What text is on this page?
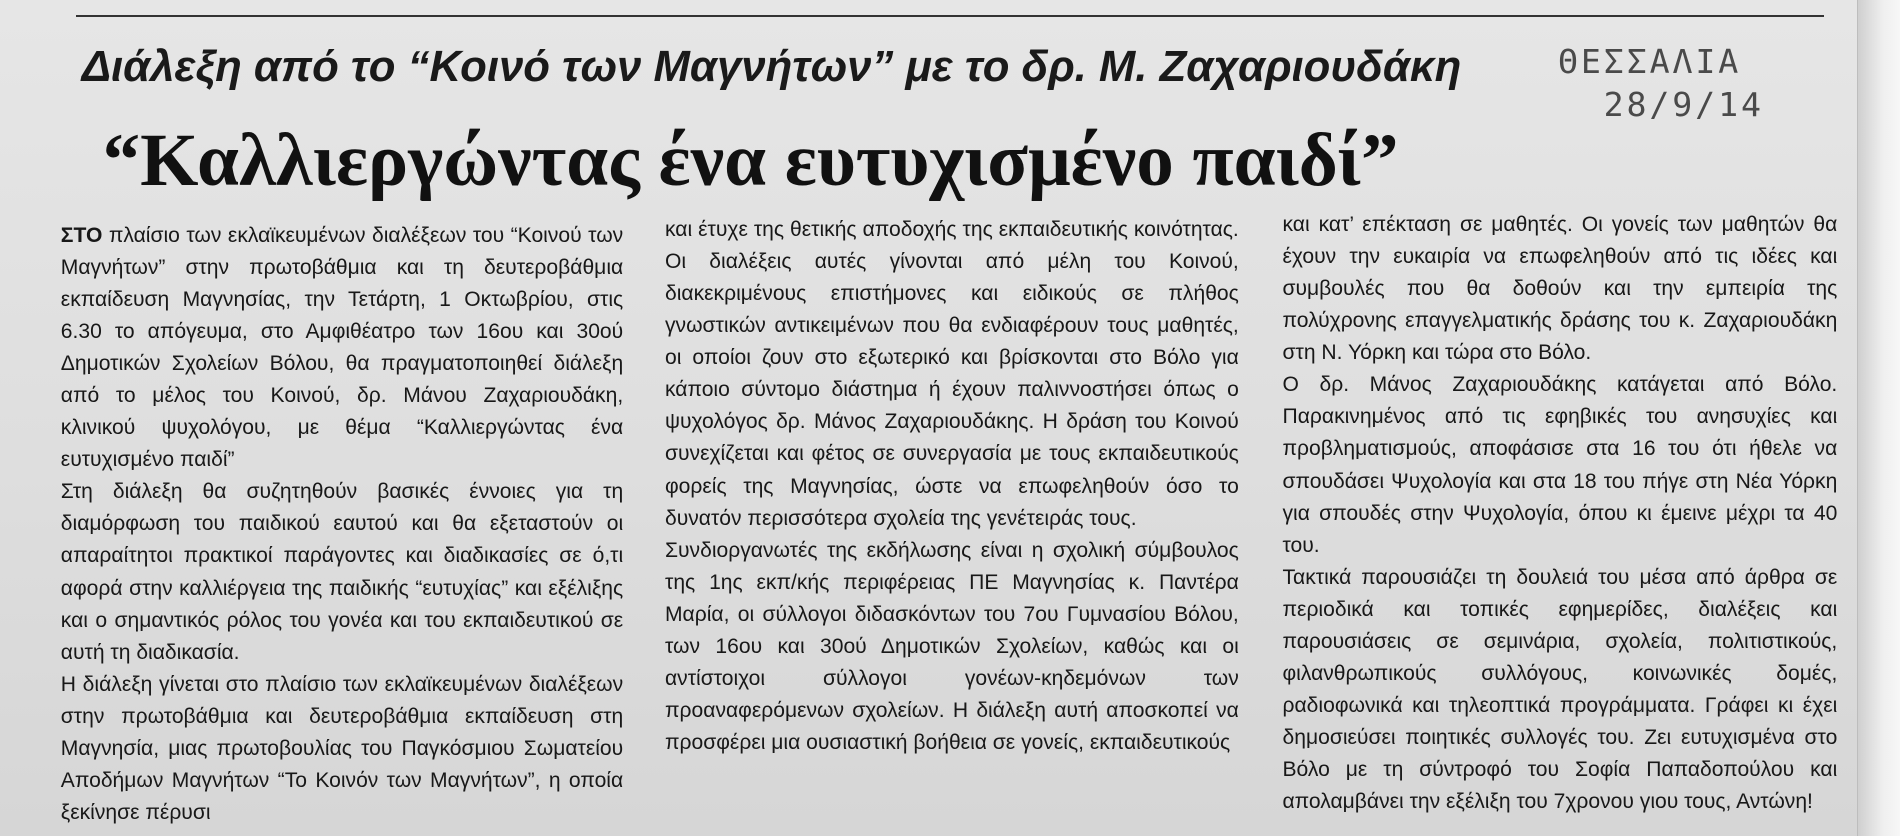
Διάλεξη από το “Κοινό των Μαγνήτων” με το δρ. Μ. Ζαχαριουδάκη
“Καλλιεργώντας ένα ευτυχισμένο παιδί”
ΘΕΣΣΑΛΙΑ
28/9/14

ΣΤΟ πλαίσιο των εκλαϊκευμένων διαλέξεων του “Κοινού των Μαγνήτων” στην πρωτοβάθμια και τη δευτεροβάθμια εκπαίδευση Μαγνησίας, την Τετάρτη, 1 Οκτωβρίου, στις 6.30 το απόγευμα, στο Αμφιθέατρο των 16ου και 30ού Δημοτικών Σχολείων Βόλου, θα πραγματοποιηθεί διάλεξη από το μέλος του Κοινού, δρ. Μάνου Ζαχαριουδάκη, κλινικού ψυχολόγου, με θέμα “Καλλιεργώντας ένα ευτυχισμένο παιδί”

Στη διάλεξη θα συζητηθούν βασικές έννοιες για τη διαμόρφωση του παιδικού εαυτού και θα εξεταστούν οι απαραίτητοι πρακτικοί παράγοντες και διαδικασίες σε ό,τι αφορά στην καλλιέργεια της παιδικής “ευτυχίας” και εξέλιξης και ο σημαντικός ρόλος του γονέα και του εκπαιδευτικού σε αυτή τη διαδικασία.

Η διάλεξη γίνεται στο πλαίσιο των εκλαϊκευμένων διαλέξεων στην πρωτοβάθμια και δευτεροβάθμια εκπαίδευση στη Μαγνησία, μιας πρωτοβουλίας του Παγκόσμιου Σωματείου Αποδήμων Μαγνήτων “Το Κοινόν των Μαγνήτων”, η οποία ξεκίνησε πέρυσι

και έτυχε της θετικής αποδοχής της εκπαιδευτικής κοινότητας. Οι διαλέξεις αυτές γίνονται από μέλη του Κοινού, διακεκριμένους επιστήμονες και ειδικούς σε πλήθος γνωστικών αντικειμένων που θα ενδιαφέρουν τους μαθητές, οι οποίοι ζουν στο εξωτερικό και βρίσκονται στο Βόλο για κάποιο σύντομο διάστημα ή έχουν παλιννοστήσει όπως ο ψυχολόγος δρ. Μάνος Ζαχαριουδάκης. Η δράση του Κοινού συνεχίζεται και φέτος σε συνεργασία με τους εκπαιδευτικούς φορείς της Μαγνησίας, ώστε να επωφεληθούν όσο το δυνατόν περισσότερα σχολεία της γενέτειράς τους.

Συνδιοργανωτές της εκδήλωσης είναι η σχολική σύμβουλος της 1ης εκπ/κής περιφέρειας ΠΕ Μαγνησίας κ. Παντέρα Μαρία, οι σύλλογοι διδασκόντων του 7ου Γυμνασίου Βόλου, των 16ου και 30ού Δημοτικών Σχολείων, καθώς και οι αντίστοιχοι σύλλογοι γονέων-κηδεμόνων των προαναφερόμενων σχολείων. Η διάλεξη αυτή αποσκοπεί να προσφέρει μια ουσιαστική βοήθεια σε γονείς, εκπαιδευτικούς

και κατ’ επέκταση σε μαθητές. Οι γονείς των μαθητών θα έχουν την ευκαιρία να επωφεληθούν από τις ιδέες και συμβουλές που θα δοθούν και την εμπειρία της πολύχρονης επαγγελματικής δράσης του κ. Ζαχαριουδάκη στη Ν. Υόρκη και τώρα στο Βόλο.

Ο δρ. Μάνος Ζαχαριουδάκης κατάγεται από Βόλο. Παρακινημένος από τις εφηβικές του ανησυχίες και προβληματισμούς, αποφάσισε στα 16 του ότι ήθελε να σπουδάσει Ψυχολογία και στα 18 του πήγε στη Νέα Υόρκη για σπουδές στην Ψυχολογία, όπου κι έμεινε μέχρι τα 40 του.

Τακτικά παρουσιάζει τη δουλειά του μέσα από άρθρα σε περιοδικά και τοπικές εφημερίδες, διαλέξεις και παρουσιάσεις σε σεμινάρια, σχολεία, πολιτιστικούς, φιλανθρωπικούς συλλόγους, κοινωνικές δομές, ραδιοφωνικά και τηλεοπτικά προγράμματα. Γράφει κι έχει δημοσιεύσει ποιητικές συλλογές του. Ζει ευτυχισμένα στο Βόλο με τη σύντροφό του Σοφία Παπαδοπούλου και απολαμβάνει την εξέλιξη του 7χρονου γιου τους, Αντώνη!
